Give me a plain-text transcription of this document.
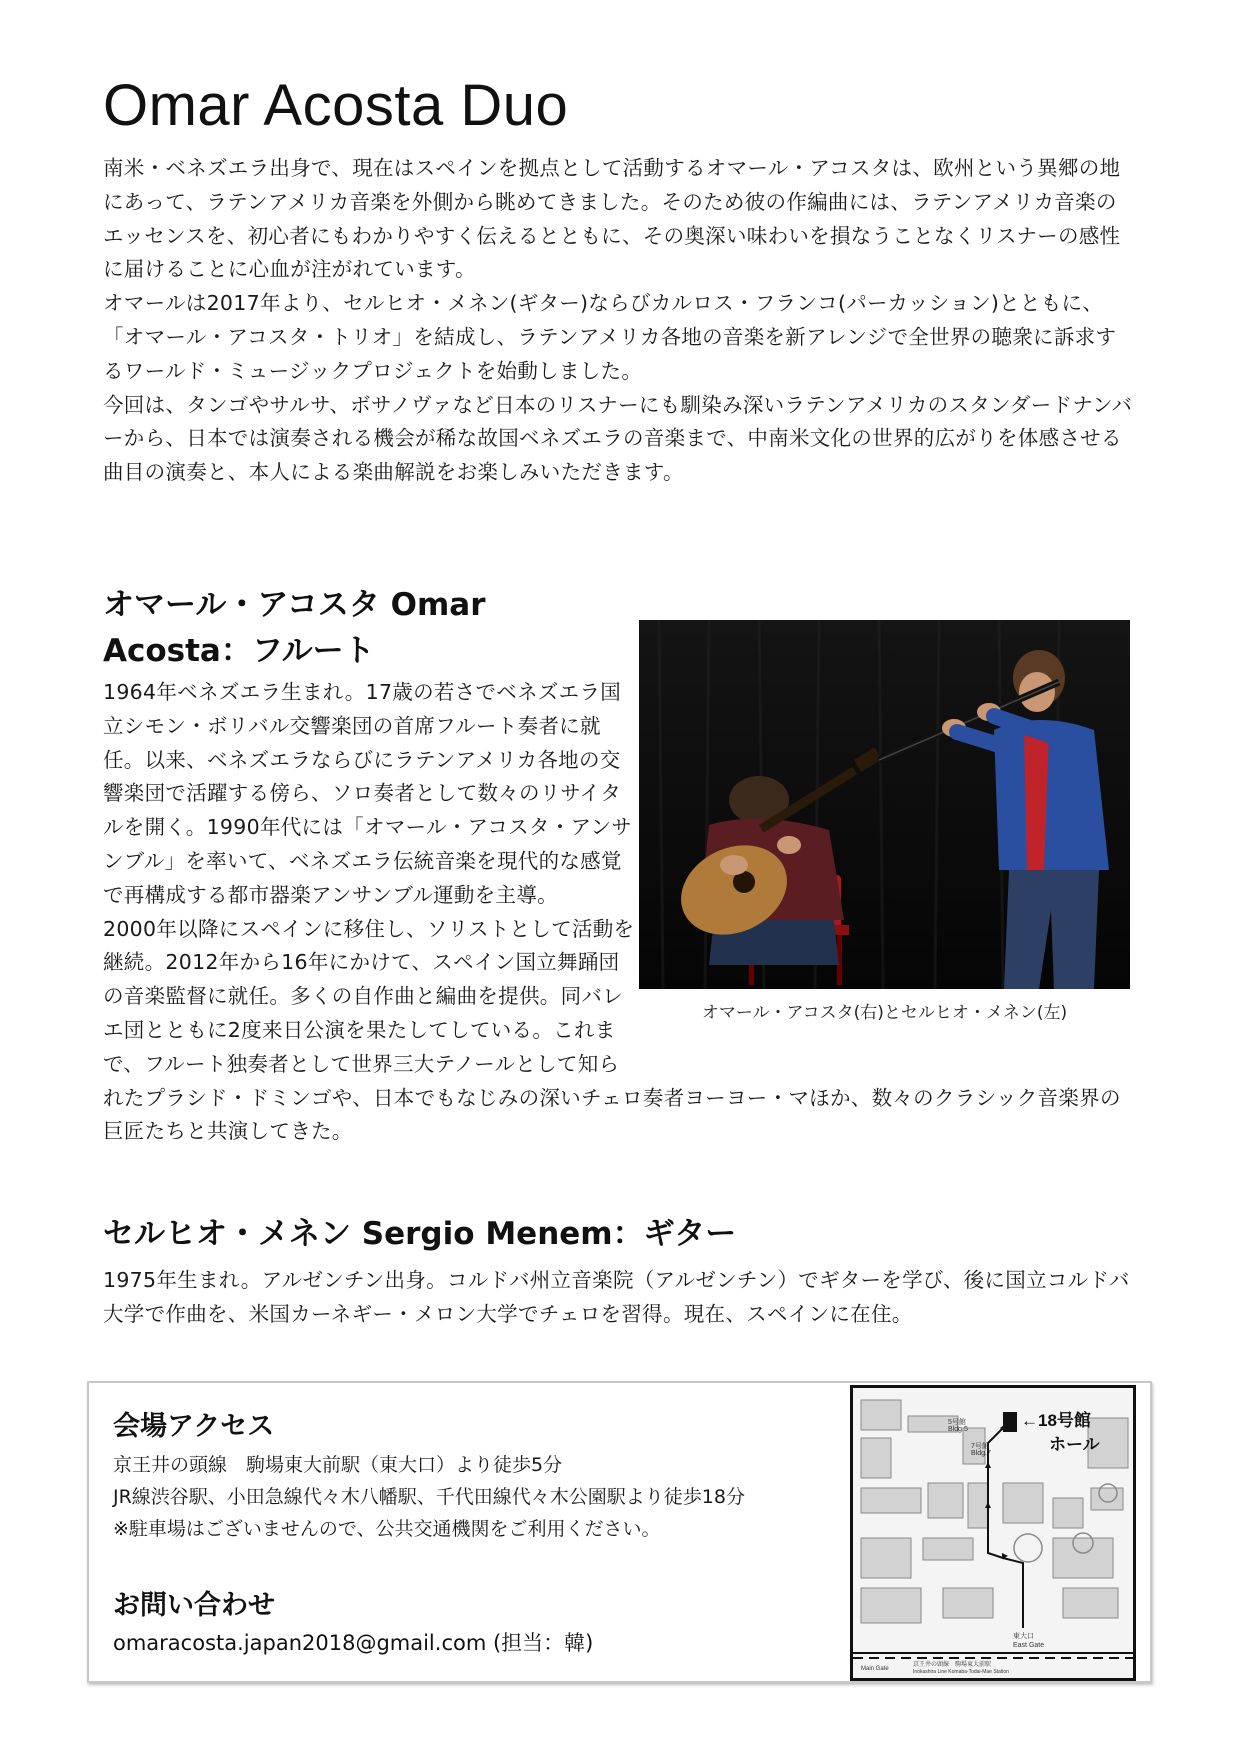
Omar Acosta Duo

南米・ベネズエラ出身で、現在はスペインを拠点として活動するオマール・アコスタは、欧州という異郷の地にあって、ラテンアメリカ音楽を外側から眺めてきました。そのため彼の作編曲には、ラテンアメリカ音楽のエッセンスを、初心者にもわかりやすく伝えるとともに、その奥深い味わいを損なうことなくリスナーの感性に届けることに心血が注がれています。

オマールは2017年より、セルヒオ・メネン(ギター)ならびカルロス・フランコ(パーカッション)とともに、「オマール・アコスタ・トリオ」を結成し、ラテンアメリカ各地の音楽を新アレンジで全世界の聴衆に訴求するワールド・ミュージックプロジェクトを始動しました。

今回は、タンゴやサルサ、ボサノヴァなど日本のリスナーにも馴染み深いラテンアメリカのスタンダードナンバーから、日本では演奏される機会が稀な故国ベネズエラの音楽まで、中南米文化の世界的広がりを体感させる曲目の演奏と、本人による楽曲解説をお楽しみいただきます。

オマール・アコスタ Omar Acosta：フルート

1964年ベネズエラ生まれ。17歳の若さでベネズエラ国立シモン・ボリバル交響楽団の首席フルート奏者に就任。以来、ベネズエラならびにラテンアメリカ各地の交響楽団で活躍する傍ら、ソロ奏者として数々のリサイタルを開く。1990年代には「オマール・アコスタ・アンサンブル」を率いて、ベネズエラ伝統音楽を現代的な感覚で再構成する都市器楽アンサンブル運動を主導。

2000年以降にスペインに移住し、ソリストとして活動を継続。2012年から16年にかけて、スペイン国立舞踊団の音楽監督に就任。多くの自作曲と編曲を提供。同バレエ団とともに2度来日公演を果たしてしている。これまで、フルート独奏者として世界三大テノールとして知られたプラシド・ドミンゴや、日本でもなじみの深いチェロ奏者ヨーヨー・マほか、数々のクラシック音楽界の巨匠たちと共演してきた。

オマール・アコスタ(右)とセルヒオ・メネン(左)
セルヒオ・メネン Sergio Menem：ギター

1975年生まれ。アルゼンチン出身。コルドバ州立音楽院（アルゼンチン）でギターを学び、後に国立コルドバ大学で作曲を、米国カーネギー・メロン大学でチェロを習得。現在、スペインに在住。

会場アクセス
京王井の頭線　駒場東大前駅（東大口）より徒歩5分
JR線渋谷駅、小田急線代々木八幡駅、千代田線代々木公園駅より徒歩18分
※駐車場はございませんので、公共交通機関をご利用ください。
お問い合わせ
omaracosta.japan2018@gmail.com (担当：韓)
←18号館
ホール
5号館
Bldg.5
7号館
Bldg.7
東大口
East Gate
京王井の頭線　駒場東大前駅
Inokashira Line Komaba-Todai-Mae Station
Main Gate
